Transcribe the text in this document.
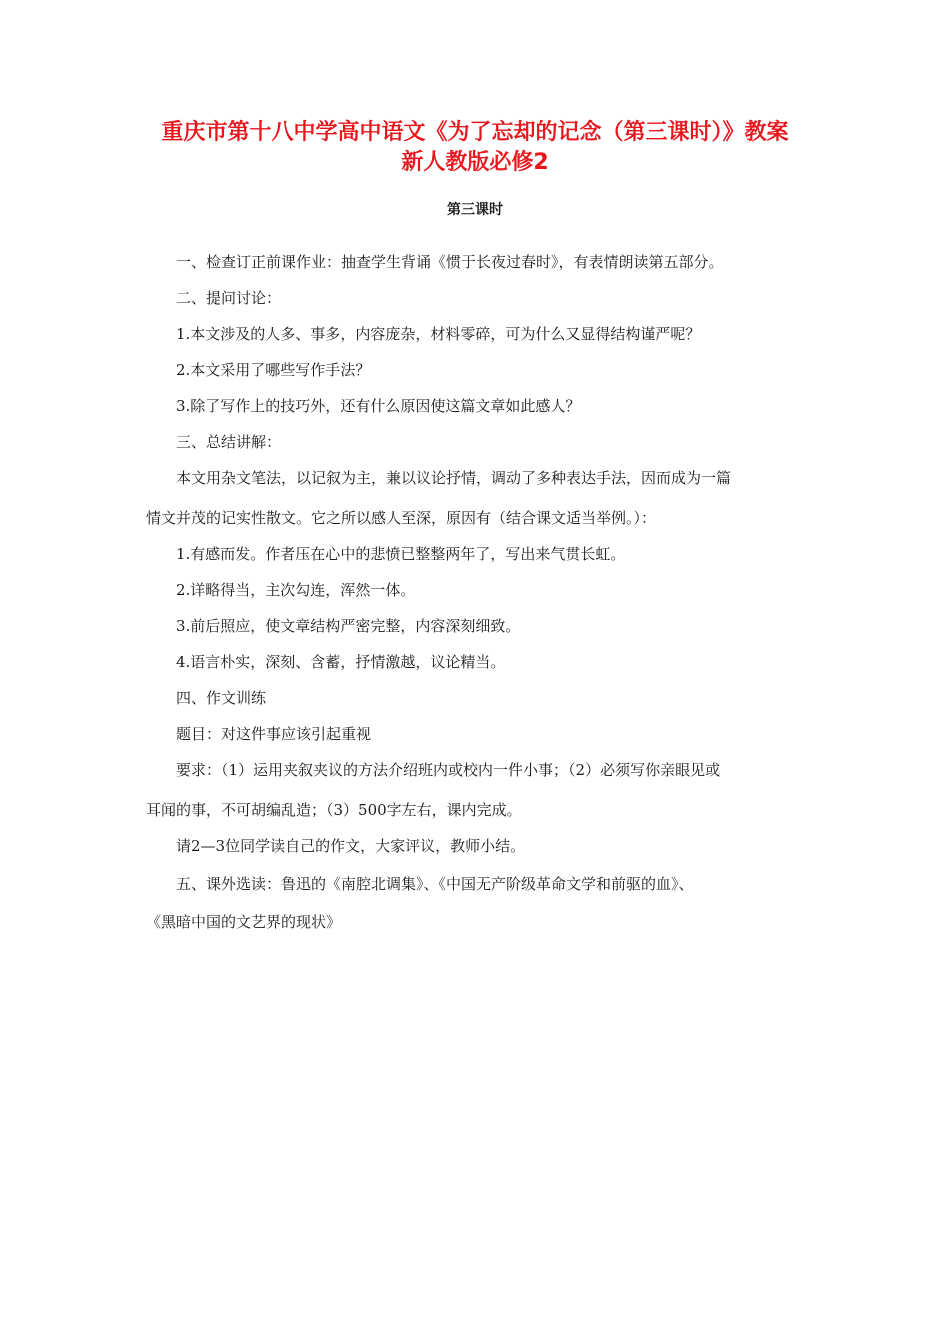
重庆市第十八中学高中语文《为了忘却的记念（第三课时）》教案
新人教版必修2

第三课时

一、检查订正前课作业：抽查学生背诵《惯于长夜过春时》，有表情朗读第五部分。

二、提问讨论：

1.本文涉及的人多、事多，内容庞杂，材料零碎，可为什么又显得结构谨严呢？

2.本文采用了哪些写作手法？

3.除了写作上的技巧外，还有什么原因使这篇文章如此感人？

三、总结讲解：

本文用杂文笔法，以记叙为主，兼以议论抒情，调动了多种表达手法，因而成为一篇

情文并茂的记实性散文。它之所以感人至深，原因有（结合课文适当举例。）：

1.有感而发。作者压在心中的悲愤已整整两年了，写出来气贯长虹。

2.详略得当，主次勾连，浑然一体。

3.前后照应，使文章结构严密完整，内容深刻细致。

4.语言朴实，深刻、含蓄，抒情激越，议论精当。

四、作文训练

题目：对这件事应该引起重视

要求：（1）运用夹叙夹议的方法介绍班内或校内一件小事；（2）必须写你亲眼见或

耳闻的事，不可胡编乱造；（3）500字左右，课内完成。

请2—3位同学读自己的作文，大家评议，教师小结。

五、课外选读：鲁迅的《南腔北调集》、《中国无产阶级革命文学和前驱的血》、

《黑暗中国的文艺界的现状》
